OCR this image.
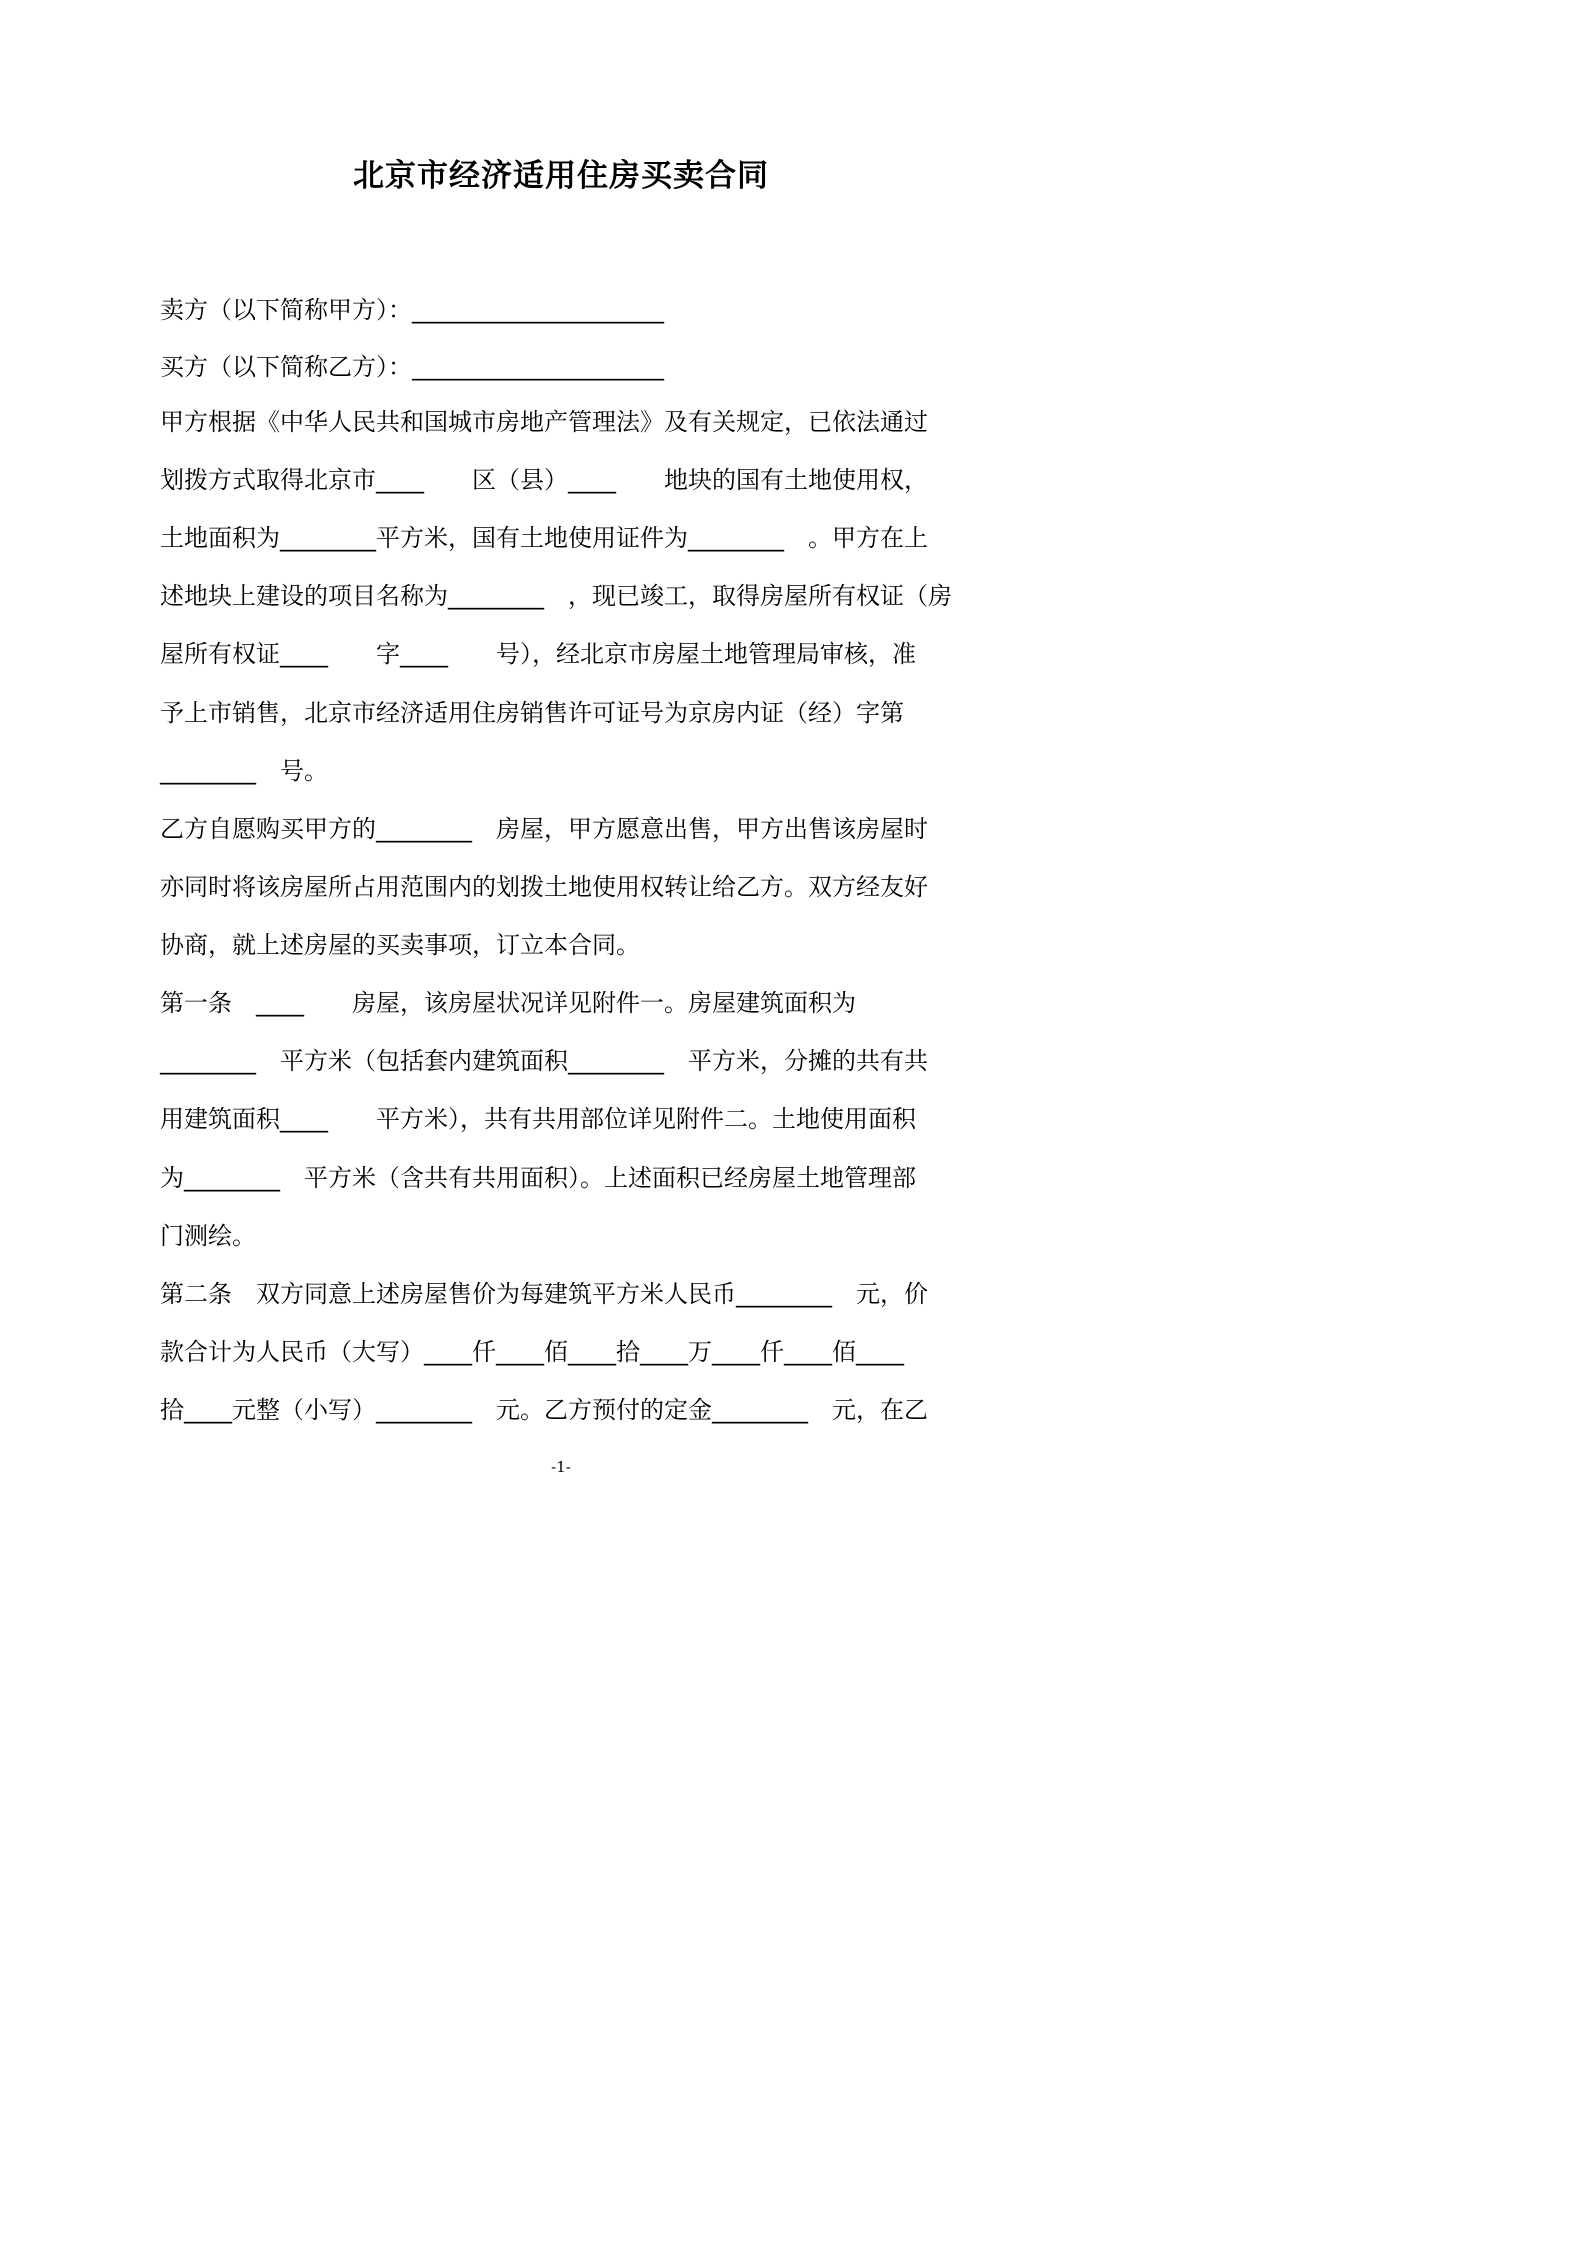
北京市经济适用住房买卖合同
卖方（以下简称甲方）：_____________________
买方（以下简称乙方）：_____________________
甲方根据《中华人民共和国城市房地产管理法》及有关规定，已依法通过
划拨方式取得北京市____　　区（县）____　　地块的国有土地使用权，
土地面积为________平方米，国有土地使用证件为________　。甲方在上
述地块上建设的项目名称为________　，现已竣工，取得房屋所有权证（房
屋所有权证____　　字____　　号），经北京市房屋土地管理局审核，准
予上市销售，北京市经济适用住房销售许可证号为京房内证（经）字第
________　号。
乙方自愿购买甲方的________　房屋，甲方愿意出售，甲方出售该房屋时
亦同时将该房屋所占用范围内的划拨土地使用权转让给乙方。双方经友好
协商，就上述房屋的买卖事项，订立本合同。
第一条　____　　房屋，该房屋状况详见附件一。房屋建筑面积为
________　平方米（包括套内建筑面积________　平方米，分摊的共有共
用建筑面积____　　平方米），共有共用部位详见附件二。土地使用面积
为________　平方米（含共有共用面积）。上述面积已经房屋土地管理部
门测绘。
第二条　双方同意上述房屋售价为每建筑平方米人民币________　元，价
款合计为人民币（大写）____仟____佰____拾____万____仟____佰____
拾____元整（小写）________　元。乙方预付的定金________　元，在乙
-1-
